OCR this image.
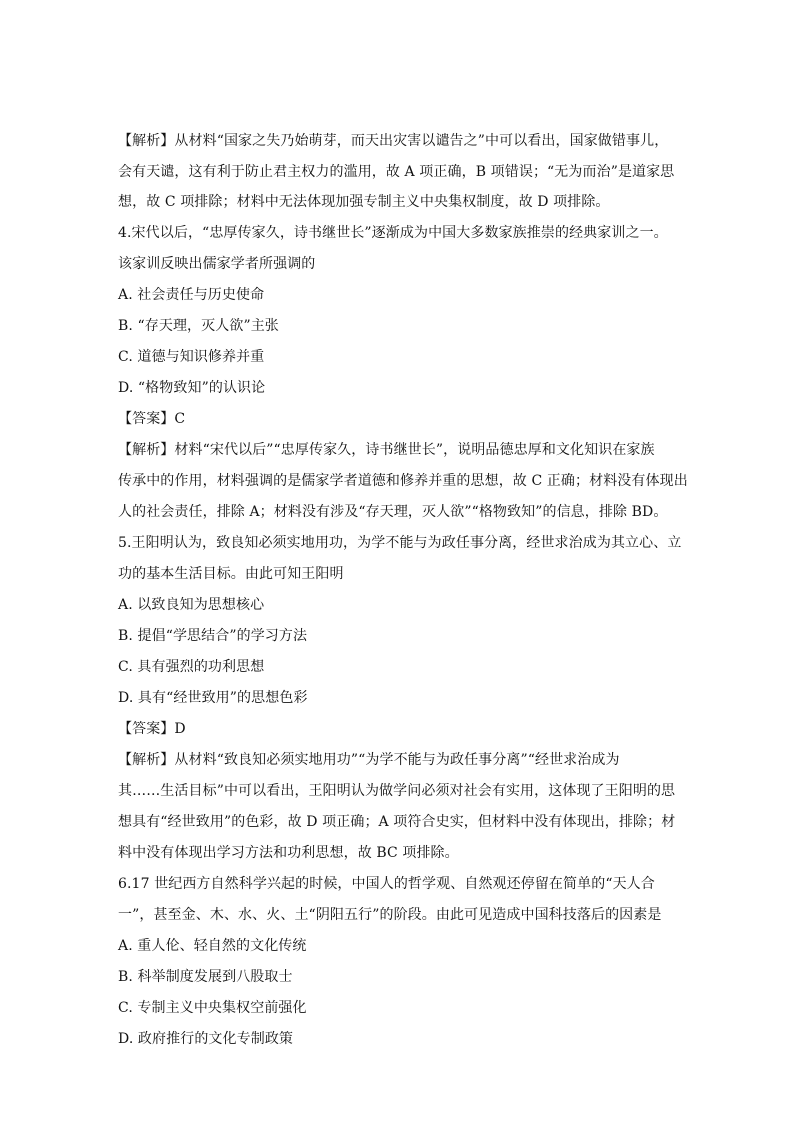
【解析】从材料“国家之失乃始萌芽，而天出灾害以谴告之”中可以看出，国家做错事儿，
会有天谴，这有利于防止君主权力的滥用，故 A 项正确，B 项错误；“无为而治”是道家思
想，故 C 项排除；材料中无法体现加强专制主义中央集权制度，故 D 项排除。
4.宋代以后，“忠厚传家久，诗书继世长”逐渐成为中国大多数家族推崇的经典家训之一。
该家训反映出儒家学者所强调的
A. 社会责任与历史使命
B. “存天理，灭人欲”主张
C. 道德与知识修养并重
D. “格物致知”的认识论
【答案】C
【解析】材料“宋代以后”“忠厚传家久，诗书继世长”，说明品德忠厚和文化知识在家族
传承中的作用，材料强调的是儒家学者道德和修养并重的思想，故 C 正确；材料没有体现出
人的社会责任，排除 A；材料没有涉及“存天理，灭人欲”“格物致知”的信息，排除 BD。
5.王阳明认为，致良知必须实地用功，为学不能与为政任事分离，经世求治成为其立心、立
功的基本生活目标。由此可知王阳明
A. 以致良知为思想核心
B. 提倡“学思结合”的学习方法
C. 具有强烈的功利思想
D. 具有“经世致用”的思想色彩
【答案】D
【解析】从材料“致良知必须实地用功”“为学不能与为政任事分离”“经世求治成为
其……生活目标”中可以看出，王阳明认为做学问必须对社会有实用，这体现了王阳明的思
想具有“经世致用”的色彩，故 D 项正确；A 项符合史实，但材料中没有体现出，排除；材
料中没有体现出学习方法和功利思想，故 BC 项排除。
6.17 世纪西方自然科学兴起的时候，中国人的哲学观、自然观还停留在简单的“天人合
一”，甚至金、木、水、火、土“阴阳五行”的阶段。由此可见造成中国科技落后的因素是
A. 重人伦、轻自然的文化传统
B. 科举制度发展到八股取士
C. 专制主义中央集权空前强化
D. 政府推行的文化专制政策
